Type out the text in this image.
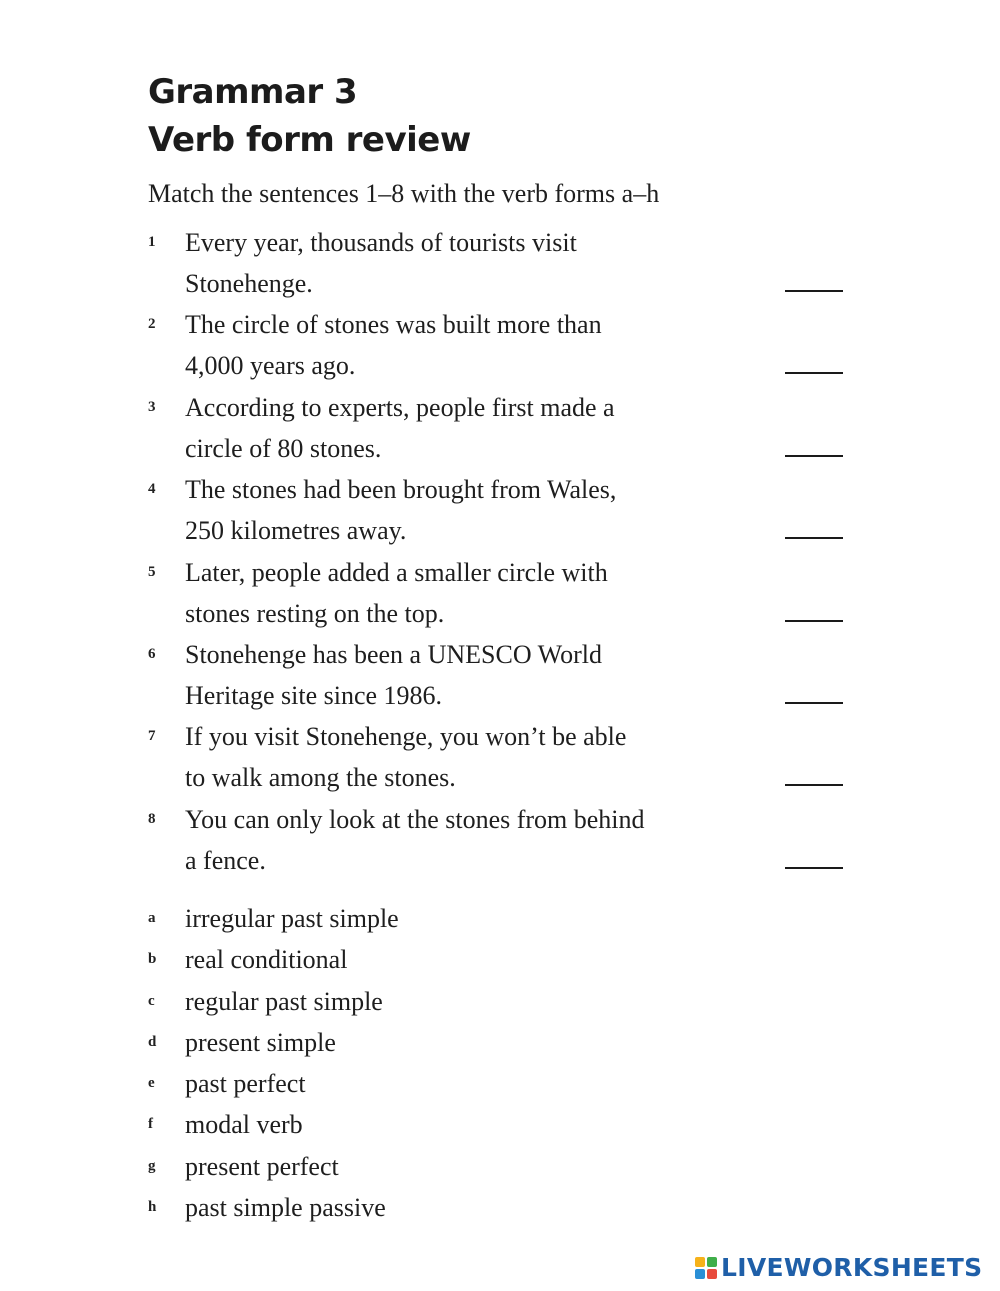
Grammar 3
Verb form review
Match the sentences 1–8 with the verb forms a–h
1	Every year, thousands of tourists visit
Stonehenge.
2	The circle of stones was built more than
4,000 years ago.
3	According to experts, people first made a
circle of 80 stones.
4	The stones had been brought from Wales,
250 kilometres away.
5	Later, people added a smaller circle with
stones resting on the top.
6	Stonehenge has been a UNESCO World
Heritage site since 1986.
7	If you visit Stonehenge, you won’t be able
to walk among the stones.
8	You can only look at the stones from behind
a fence.
a irregular past simple
b real conditional
c regular past simple
d present simple
e past perfect
f modal verb
g present perfect
h past simple passive
LIVEWORKSHEETS
